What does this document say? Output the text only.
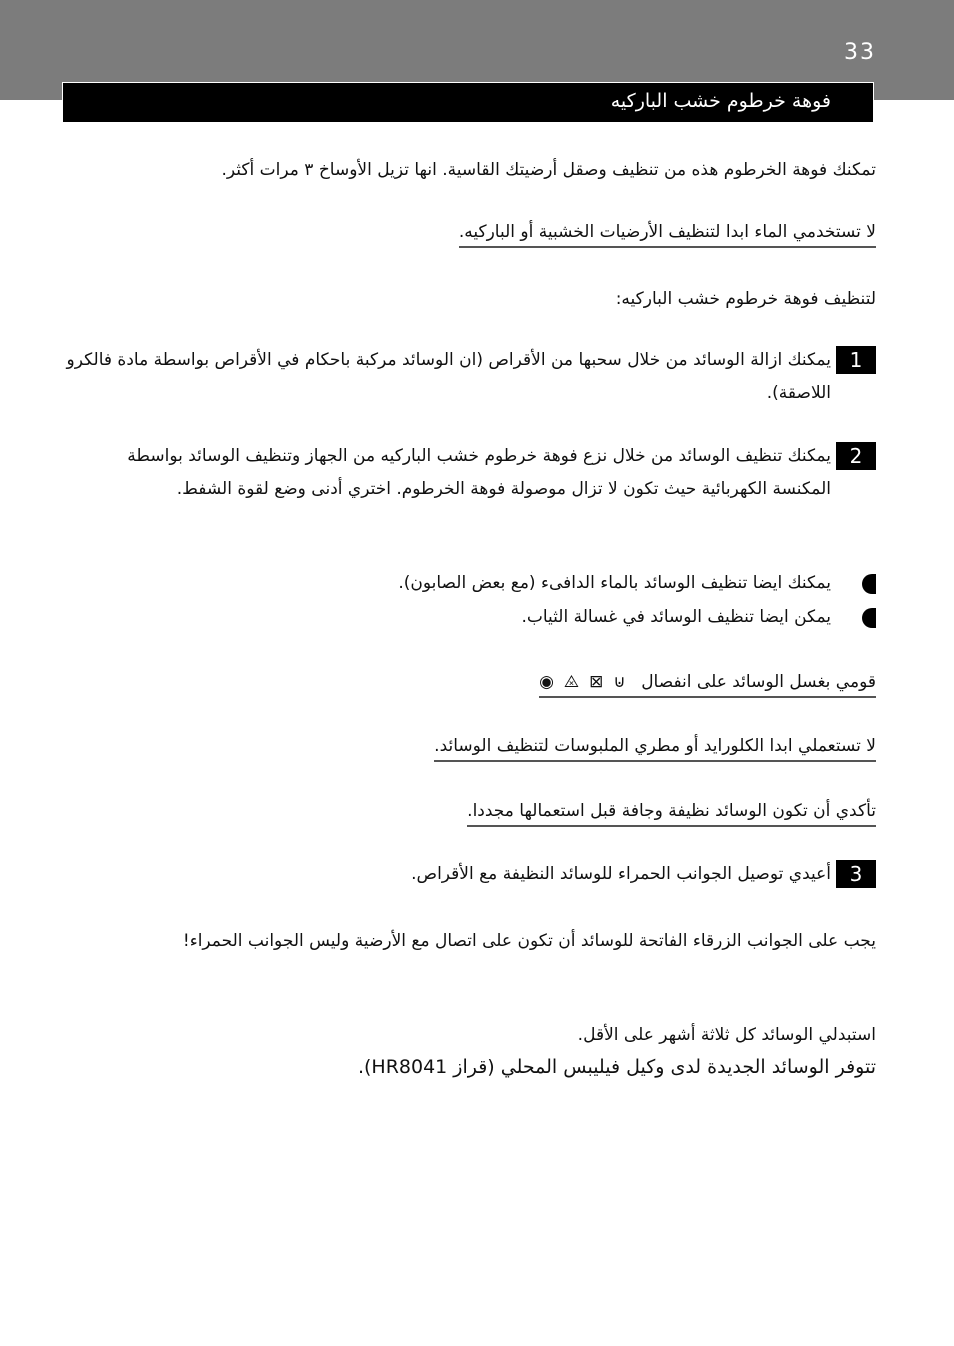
33
فوهة خرطوم خشب الباركيه
تمكنك فوهة الخرطوم هذه من تنظيف وصقل أرضيتك القاسية. انها تزيل الأوساخ ٣ مرات أكثر.
لا تستخدمي الماء ابدا لتنظيف الأرضيات الخشبية أو الباركيه.
لتنظيف فوهة خرطوم خشب الباركيه:
1
يمكنك ازالة الوسائد من خلال سحبها من الأقراص (ان الوسائد مركبة باحكام في الأقراص بواسطة مادة فالكرو اللاصقة).
2
يمكنك تنظيف الوسائد من خلال نزع فوهة خرطوم خشب الباركيه من الجهاز وتنظيف الوسائد بواسطة المكنسة الكهربائية حيث تكون لا تزال موصولة فوهة الخرطوم. اختري أدنى وضع لقوة الشفط.
يمكنك ايضا تنظيف الوسائد بالماء الدافىء (مع بعض الصابون).
يمكن ايضا تنظيف الوسائد في غسالة الثياب.
قومي بغسل الوسائد على انفصال
◉ ⨻ ⊠ ⊍
لا تستعملي ابدا الكلورايد أو مطري الملبوسات لتنظيف الوسائد.
تأكدي أن تكون الوسائد نظيفة وجافة قبل استعمالها مجددا.
3
أعيدي توصيل الجوانب الحمراء للوسائد النظيفة مع الأقراص.
يجب على الجوانب الزرقاء الفاتحة للوسائد أن تكون على اتصال مع الأرضية وليس الجوانب الحمراء!
استبدلي الوسائد كل ثلاثة أشهر على الأقل.
تتوفر الوسائد الجديدة لدى وكيل فيليبس المحلي (قراز HR8041).
